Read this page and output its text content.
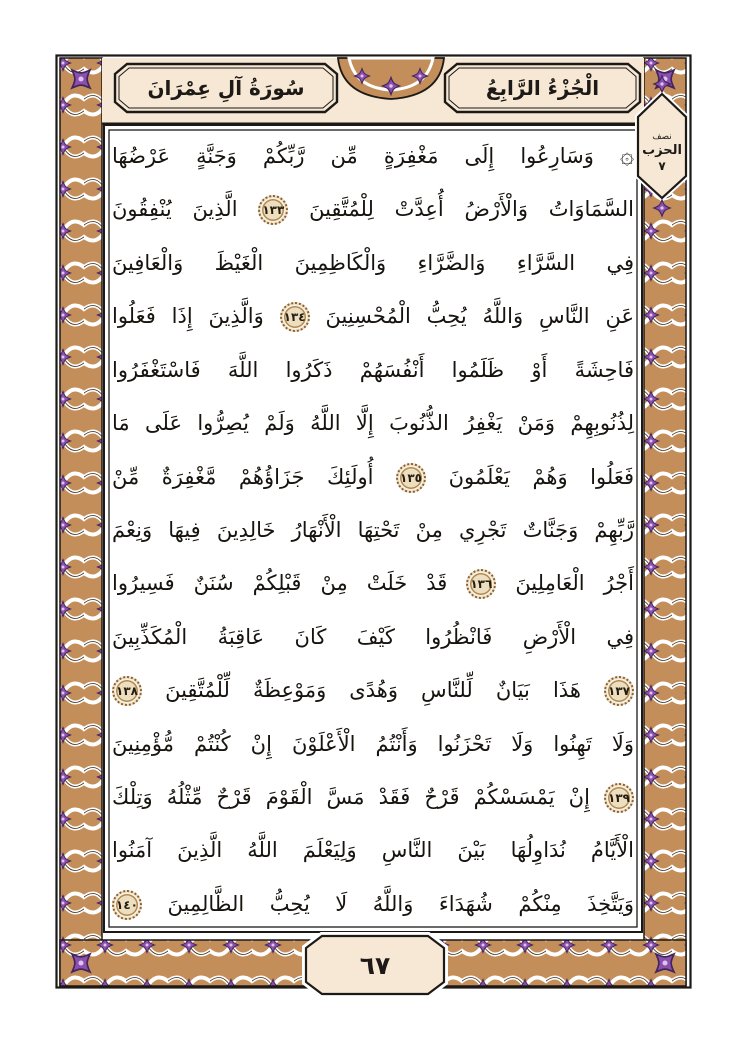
سُورَةُ آلِ عِمْرَانَ	الْجُزْءُ الرَّابِعُ
نصف
الحزب
٧
۞ وَسَارِعُوا إِلَى مَغْفِرَةٍ مِّن رَّبِّكُمْ وَجَنَّةٍ عَرْضُهَا
السَّمَاوَاتُ وَالْأَرْضُ أُعِدَّتْ لِلْمُتَّقِينَ ١٣٣ الَّذِينَ يُنْفِقُونَ
فِي السَّرَّاءِ وَالضَّرَّاءِ وَالْكَاظِمِينَ الْغَيْظَ وَالْعَافِينَ
عَنِ النَّاسِ وَاللَّهُ يُحِبُّ الْمُحْسِنِينَ ١٣٤ وَالَّذِينَ إِذَا فَعَلُوا
فَاحِشَةً أَوْ ظَلَمُوا أَنْفُسَهُمْ ذَكَرُوا اللَّهَ فَاسْتَغْفَرُوا
لِذُنُوبِهِمْ وَمَنْ يَغْفِرُ الذُّنُوبَ إِلَّا اللَّهُ وَلَمْ يُصِرُّوا عَلَى مَا
فَعَلُوا وَهُمْ يَعْلَمُونَ ١٣٥ أُولَئِكَ جَزَاؤُهُمْ مَّغْفِرَةٌ مِّنْ
رَّبِّهِمْ وَجَنَّاتٌ تَجْرِي مِنْ تَحْتِهَا الْأَنْهَارُ خَالِدِينَ فِيهَا وَنِعْمَ
أَجْرُ الْعَامِلِينَ ١٣٦ قَدْ خَلَتْ مِنْ قَبْلِكُمْ سُنَنٌ فَسِيرُوا
فِي الْأَرْضِ فَانْظُرُوا كَيْفَ كَانَ عَاقِبَةُ الْمُكَذِّبِينَ
١٣٧ هَذَا بَيَانٌ لِّلنَّاسِ وَهُدًى وَمَوْعِظَةٌ لِّلْمُتَّقِينَ ١٣٨
وَلَا تَهِنُوا وَلَا تَحْزَنُوا وَأَنْتُمُ الْأَعْلَوْنَ إِنْ كُنْتُمْ مُّؤْمِنِينَ
١٣٩ إِنْ يَمْسَسْكُمْ قَرْحٌ فَقَدْ مَسَّ الْقَوْمَ قَرْحٌ مِّثْلُهُ وَتِلْكَ
الْأَيَّامُ نُدَاوِلُهَا بَيْنَ النَّاسِ وَلِيَعْلَمَ اللَّهُ الَّذِينَ آمَنُوا
وَيَتَّخِذَ مِنْكُمْ شُهَدَاءَ وَاللَّهُ لَا يُحِبُّ الظَّالِمِينَ ١٤٠
٦٧
